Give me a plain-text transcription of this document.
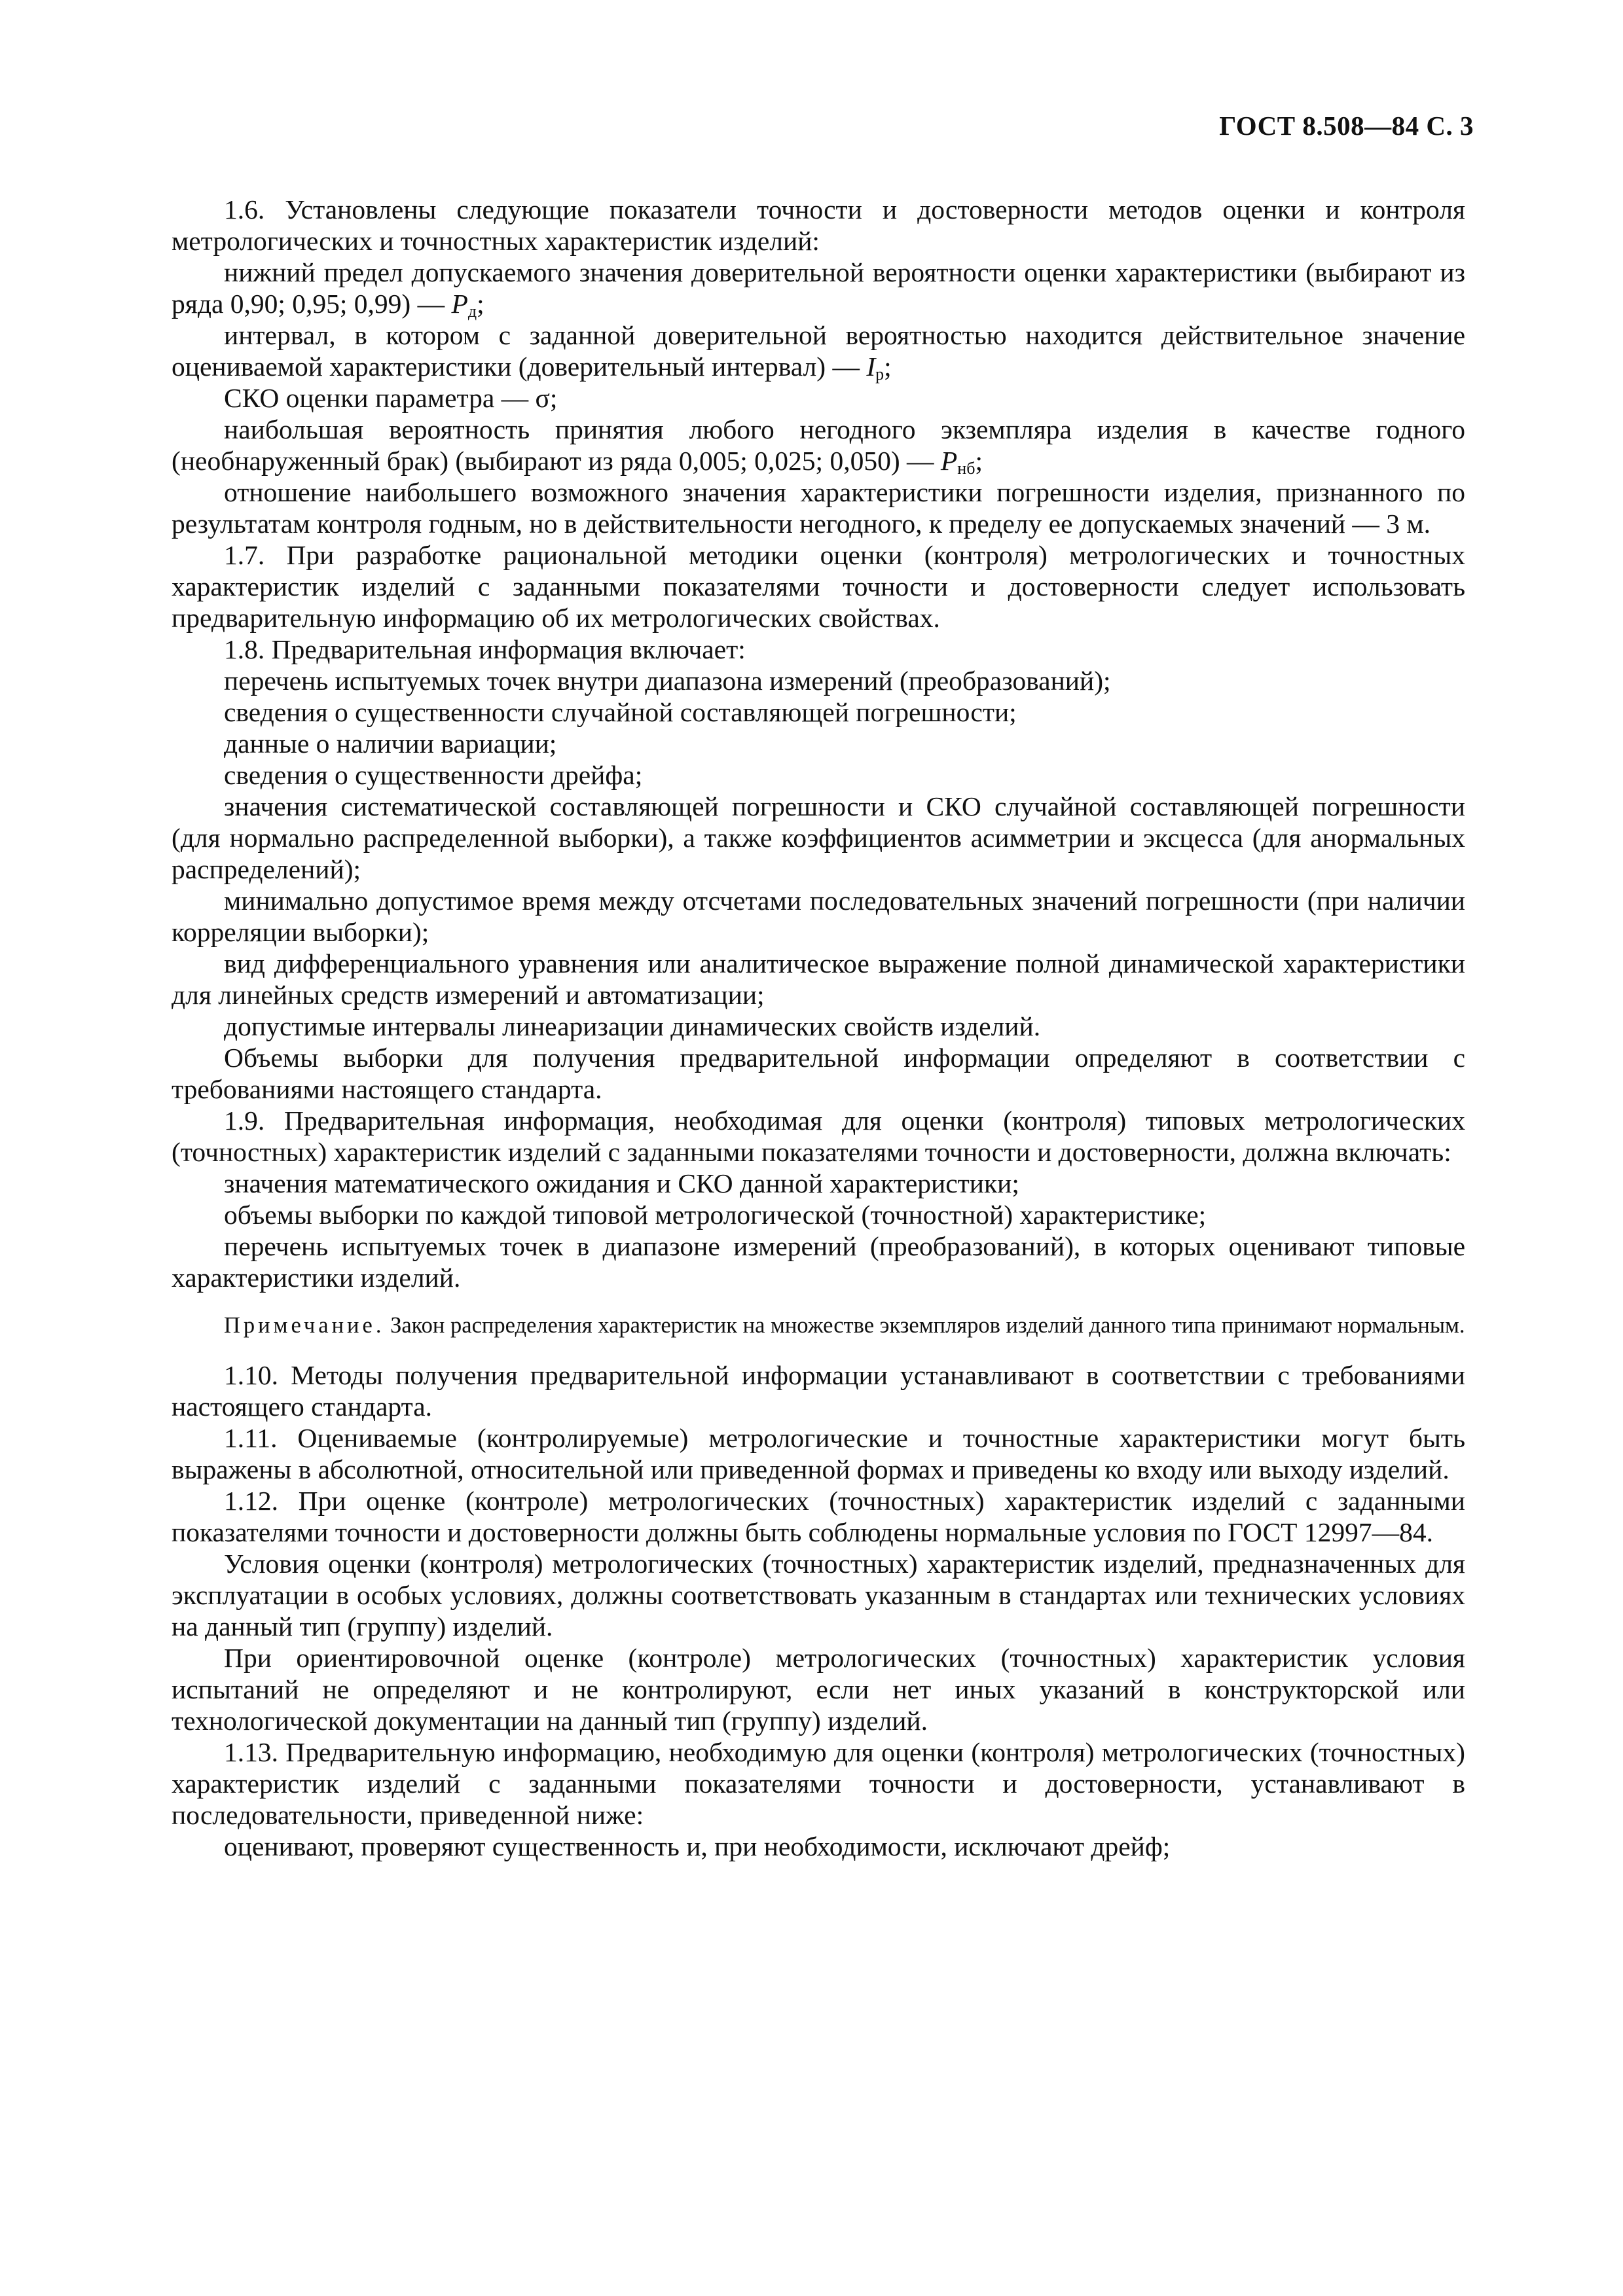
ГОСТ 8.508—84 С. 3

1.6. Установлены следующие показатели точности и достоверности методов оценки и контроля метрологических и точностных характеристик изделий:

нижний предел допускаемого значения доверительной вероятности оценки характеристики (выбирают из ряда 0,90; 0,95; 0,99) — $P_д$;

интервал, в котором с заданной доверительной вероятностью находится действительное значение оцениваемой характеристики (доверительный интервал) — $I_p$;

СКО оценки параметра — σ;

наибольшая вероятность принятия любого негодного экземпляра изделия в качестве годного (необнаруженный брак) (выбирают из ряда 0,005; 0,025; 0,050) — $P_{нб}$;

отношение наибольшего возможного значения характеристики погрешности изделия, признанного по результатам контроля годным, но в действительности негодного, к пределу ее допускаемых значений — 3 м.

1.7. При разработке рациональной методики оценки (контроля) метрологических и точностных характеристик изделий с заданными показателями точности и достоверности следует использовать предварительную информацию об их метрологических свойствах.

1.8. Предварительная информация включает:

перечень испытуемых точек внутри диапазона измерений (преобразований);

сведения о существенности случайной составляющей погрешности;

данные о наличии вариации;

сведения о существенности дрейфа;

значения систематической составляющей погрешности и СКО случайной составляющей погрешности (для нормально распределенной выборки), а также коэффициентов асимметрии и эксцесса (для анормальных распределений);

минимально допустимое время между отсчетами последовательных значений погрешности (при наличии корреляции выборки);

вид дифференциального уравнения или аналитическое выражение полной динамической характеристики для линейных средств измерений и автоматизации;

допустимые интервалы линеаризации динамических свойств изделий.

Объемы выборки для получения предварительной информации определяют в соответствии с требованиями настоящего стандарта.

1.9. Предварительная информация, необходимая для оценки (контроля) типовых метрологических (точностных) характеристик изделий с заданными показателями точности и достоверности, должна включать:

значения математического ожидания и СКО данной характеристики;

объемы выборки по каждой типовой метрологической (точностной) характеристике;

перечень испытуемых точек в диапазоне измерений (преобразований), в которых оценивают типовые характеристики изделий.

Примечание. Закон распределения характеристик на множестве экземпляров изделий данного типа принимают нормальным.

1.10. Методы получения предварительной информации устанавливают в соответствии с требованиями настоящего стандарта.

1.11. Оцениваемые (контролируемые) метрологические и точностные характеристики могут быть выражены в абсолютной, относительной или приведенной формах и приведены ко входу или выходу изделий.

1.12. При оценке (контроле) метрологических (точностных) характеристик изделий с заданными показателями точности и достоверности должны быть соблюдены нормальные условия по ГОСТ 12997—84.

Условия оценки (контроля) метрологических (точностных) характеристик изделий, предназначенных для эксплуатации в особых условиях, должны соответствовать указанным в стандартах или технических условиях на данный тип (группу) изделий.

При ориентировочной оценке (контроле) метрологических (точностных) характеристик условия испытаний не определяют и не контролируют, если нет иных указаний в конструкторской или технологической документации на данный тип (группу) изделий.

1.13. Предварительную информацию, необходимую для оценки (контроля) метрологических (точностных) характеристик изделий с заданными показателями точности и достоверности, устанавливают в последовательности, приведенной ниже:

оценивают, проверяют существенность и, при необходимости, исключают дрейф;
